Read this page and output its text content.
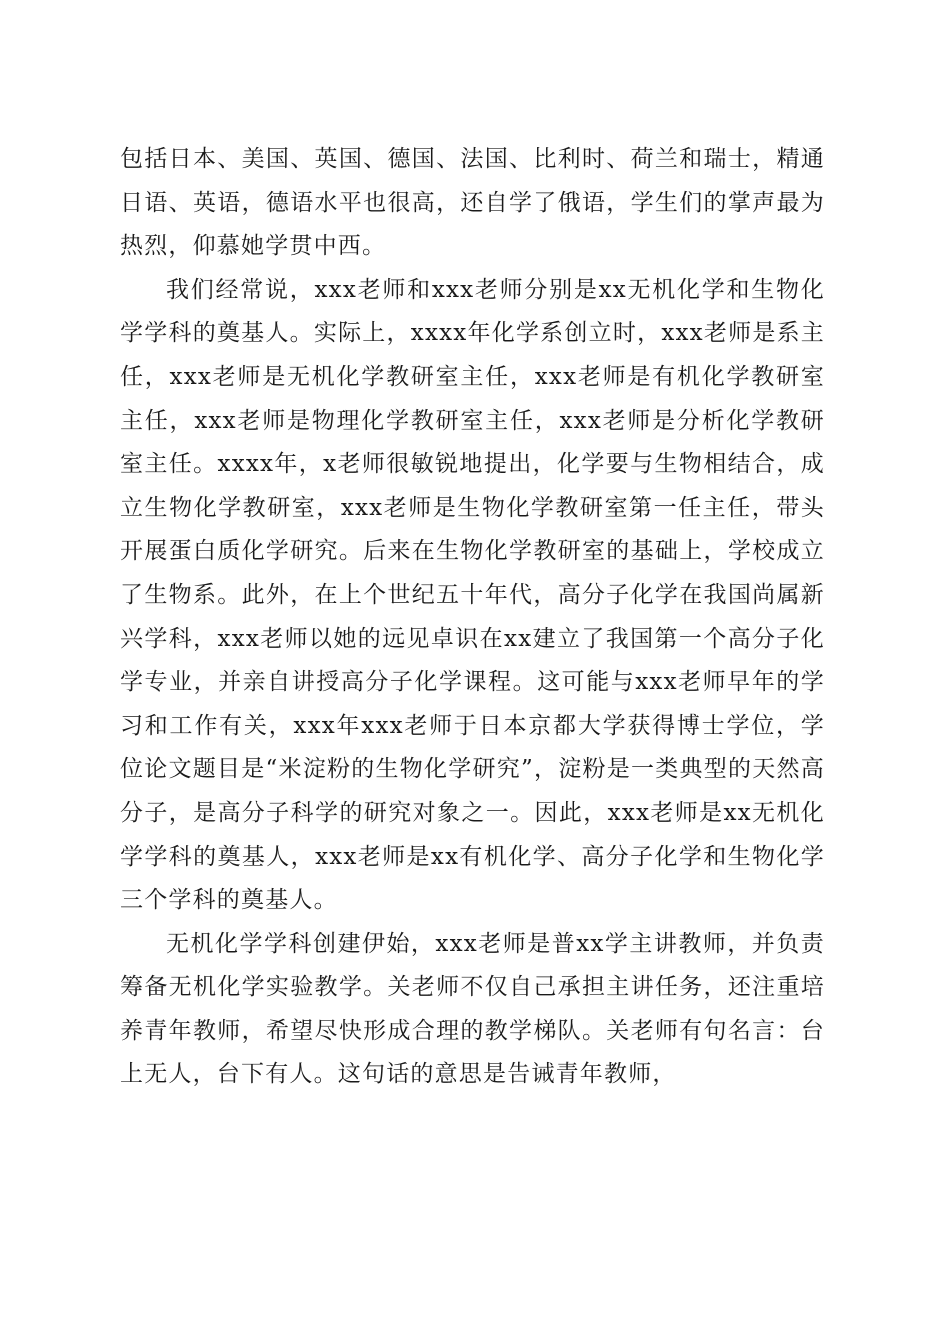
包括日本、美国、英国、德国、法国、比利时、荷兰和瑞士，精通日语、英语，德语水平也很高，还自学了俄语，学生们的掌声最为热烈，仰慕她学贯中西。

我们经常说，xxx老师和xxx老师分别是xx无机化学和生物化学学科的奠基人。实际上，xxxx年化学系创立时，xxx老师是系主任，xxx老师是无机化学教研室主任，xxx老师是有机化学教研室主任，xxx老师是物理化学教研室主任，xxx老师是分析化学教研室主任。xxxx年，x老师很敏锐地提出，化学要与生物相结合，成立生物化学教研室，xxx老师是生物化学教研室第一任主任，带头开展蛋白质化学研究。后来在生物化学教研室的基础上，学校成立了生物系。此外，在上个世纪五十年代，高分子化学在我国尚属新兴学科，xxx老师以她的远见卓识在xx建立了我国第一个高分子化学专业，并亲自讲授高分子化学课程。这可能与xxx老师早年的学习和工作有关，xxx年xxx老师于日本京都大学获得博士学位，学位论文题目是“米淀粉的生物化学研究”，淀粉是一类典型的天然高分子，是高分子科学的研究对象之一。因此，xxx老师是xx无机化学学科的奠基人，xxx老师是xx有机化学、高分子化学和生物化学三个学科的奠基人。

无机化学学科创建伊始，xxx老师是普xx学主讲教师，并负责筹备无机化学实验教学。关老师不仅自己承担主讲任务，还注重培养青年教师，希望尽快形成合理的教学梯队。关老师有句名言：台上无人，台下有人。这句话的意思是告诫青年教师，
